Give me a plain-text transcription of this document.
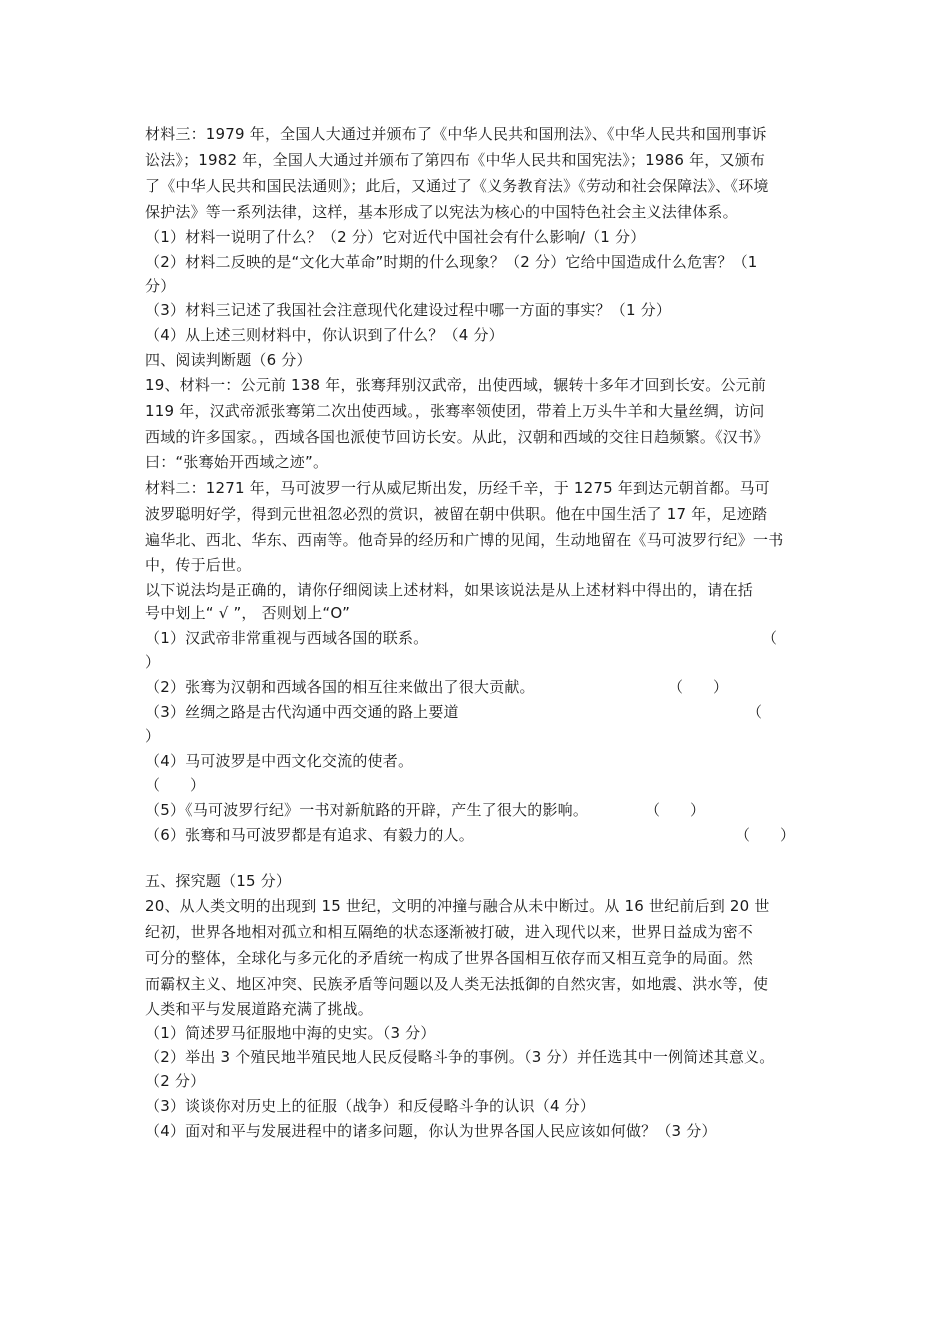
材料三：1979 年，全国人大通过并颁布了《中华人民共和国刑法》、《中华人民共和国刑事诉
讼法》；1982 年，全国人大通过并颁布了第四布《中华人民共和国宪法》；1986 年，又颁布
了《中华人民共和国民法通则》；此后，又通过了《义务教育法》《劳动和社会保障法》、《环境
保护法》等一系列法律，这样，基本形成了以宪法为核心的中国特色社会主义法律体系。
（1）材料一说明了什么？（2 分）它对近代中国社会有什么影响/（1 分）
（2）材料二反映的是“文化大革命”时期的什么现象？（2 分）它给中国造成什么危害？（1
分）
（3）材料三记述了我国社会注意现代化建设过程中哪一方面的事实？（1 分）
（4）从上述三则材料中，你认识到了什么？（4 分）
四、阅读判断题（6 分）
19、材料一：公元前 138 年，张骞拜别汉武帝，出使西域，辗转十多年才回到长安。公元前
119 年，汉武帝派张骞第二次出使西域。，张骞率领使团，带着上万头牛羊和大量丝绸，访问
西域的许多国家。，西域各国也派使节回访长安。从此，汉朝和西域的交往日趋频繁。《汉书》
曰：“张骞始开西域之迹”。
材料二：1271 年，马可波罗一行从威尼斯出发，历经千辛，于 1275 年到达元朝首都。马可
波罗聪明好学，得到元世祖忽必烈的赏识，被留在朝中供职。他在中国生活了 17 年，足迹踏
遍华北、西北、华东、西南等。他奇异的经历和广博的见闻，生动地留在《马可波罗行纪》一书
中，传于后世。
以下说法均是正确的，请你仔细阅读上述材料，如果该说法是从上述材料中得出的，请在括
号中划上“ √ ”， 否则划上“O”
（1）汉武帝非常重视与西域各国的联系。	（
）
（2）张骞为汉朝和西域各国的相互往来做出了很大贡献。	（　　）
（3）丝绸之路是古代沟通中西交通的路上要道	（
）
（4）马可波罗是中西文化交流的使者。
（　　）
（5）《马可波罗行纪》一书对新航路的开辟，产生了很大的影响。	（　　）
（6）张骞和马可波罗都是有追求、有毅力的人。	（　　）
五、探究题（15 分）
20、从人类文明的出现到 15 世纪，文明的冲撞与融合从未中断过。从 16 世纪前后到 20 世
纪初，世界各地相对孤立和相互隔绝的状态逐渐被打破，进入现代以来，世界日益成为密不
可分的整体，全球化与多元化的矛盾统一构成了世界各国相互依存而又相互竞争的局面。然
而霸权主义、地区冲突、民族矛盾等问题以及人类无法抵御的自然灾害，如地震、洪水等，使
人类和平与发展道路充满了挑战。
（1）简述罗马征服地中海的史实。（3 分）
（2）举出 3 个殖民地半殖民地人民反侵略斗争的事例。（3 分）并任选其中一例简述其意义。
（2 分）
（3）谈谈你对历史上的征服（战争）和反侵略斗争的认识（4 分）
（4）面对和平与发展进程中的诸多问题，你认为世界各国人民应该如何做？（3 分）
